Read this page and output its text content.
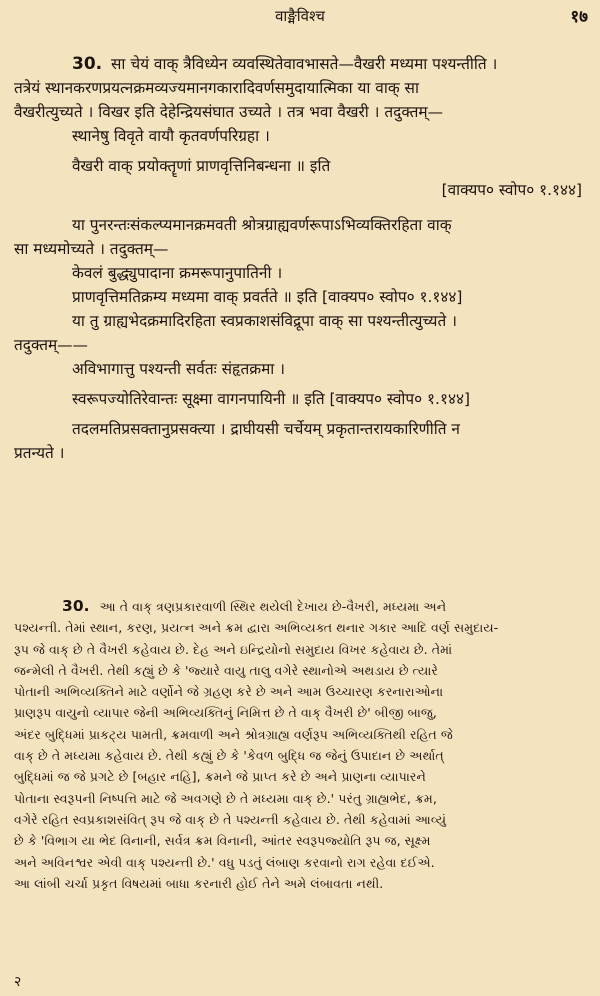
वाङ्मैविश्च	१७
30. सा चेयं वाक् त्रैविध्येन व्यवस्थितेवावभासते—वैखरी मध्यमा पश्यन्तीति ।
तत्रेयं स्थानकरणप्रयत्नक्रमव्यज्यमानगकारादिवर्णसमुदायात्मिका या वाक् सा
वैखरीत्युच्यते । विखर इति देहेन्द्रियसंघात उच्यते । तत्र भवा वैखरी । तदुक्तम्—
स्थानेषु विवृते वायौ कृतवर्णपरिग्रहा ।
वैखरी वाक् प्रयोक्तॄणां प्राणवृत्तिनिबन्धना ॥ इति
[वाक्यप० स्वोप० १.१४४]
या पुनरन्तःसंकल्प्यमानक्रमवती श्रोत्रग्राह्यवर्णरूपाऽभिव्यक्तिरहिता वाक्
सा मध्यमोच्यते । तदुक्तम्—
केवलं बुद्ध्युपादाना क्रमरूपानुपातिनी ।
प्राणवृत्तिमतिक्रम्य मध्यमा वाक् प्रवर्तते ॥ इति [वाक्यप० स्वोप० १.१४४]
या तु ग्राह्यभेदक्रमादिरहिता स्वप्रकाशसंविद्रूपा वाक् सा पश्यन्तीत्युच्यते ।
तदुक्तम्——
अविभागात्तु पश्यन्ती सर्वतः संहृतक्रमा ।
स्वरूपज्योतिरेवान्तः सूक्ष्मा वागनपायिनी ॥ इति [वाक्यप० स्वोप० १.१४४]
तदलमतिप्रसक्तानुप्रसक्त्या । द्राघीयसी चर्चेयम् प्रकृतान्तरायकारिणीति न
प्रतन्यते ।
30. આ તે વાક્ ત્રણપ્રકારવાળી સ્થિર થયેલી દેખાય છે-વૈખરી, મધ્યમા અને
પશ્યન્તી. તેમાં સ્થાન, કરણ, પ્રયત્ન અને ક્રમ દ્વારા અભિવ્યક્ત થનાર ગકાર આદિ વર્ણ સમુદાય-
રૂપ જે વાક્ છે તે વૈખરી કહેવાય છે. દેહ અને ઇન્દ્રિયોનો સમુદાય વિખર કહેવાય છે. તેમાં
જન્મેલી તે વૈખરી. તેથી કહ્યું છે કે 'જ્યારે વાયુ તાલુ વગેરે સ્થાનોએ અથડાય છે ત્યારે
પોતાની અભિવ્યક્તિને માટે વર્ણોને જે ગ્રહણ કરે છે અને આમ ઉચ્ચારણ કરનારાઓના
પ્રાણરૂપ વાયુનો વ્યાપાર જેની અભિવ્યક્તિનું નિમિત્ત છે તે વાક્ વૈખરી છે' બીજી બાજુ,
અંદર બુદ્ધિમાં પ્રાકટ્ય પામતી, ક્રમવાળી અને શ્રોત્રગ્રાહ્ય વર્ણરૂપ અભિવ્યક્તિથી રહિત જે
વાક્ છે તે મધ્યમા કહેવાય છે. તેથી કહ્યું છે કે 'કેવળ બુદ્ધિ જ જેનું ઉપાદાન છે અર્થાત્
બુદ્ધિમાં જ જે પ્રગટે છે [બહાર નહિ], ક્રમને જે પ્રાપ્ત કરે છે અને પ્રાણના વ્યાપારને
પોતાના સ્વરૂપની નિષ્પત્તિ માટે જે અવગણે છે તે મધ્યમા વાક્ છે.' પરંતુ ગ્રાહ્યભેદ, ક્રમ,
વગેરે રહિત સ્વપ્રકાશસંવિત્ રૂપ જે વાક્ છે તે પશ્યન્તી કહેવાય છે. તેથી કહેવામાં આવ્યું
છે કે 'વિભાગ યા ભેદ વિનાની, સર્વત્ર ક્રમ વિનાની, આંતર સ્વરૂપજ્યોતિ રૂપ જ, સૂક્ષ્મ
અને અવિનશ્વર એવી વાક્ પશ્યન્તી છે.' વધુ પડતું લંબાણ કરવાનો રાગ રહેવા દઈએ.
આ લાંબી ચર્ચા પ્રકૃત વિષયમાં બાધા કરનારી હોઈ તેને અમે લંબાવતા નથી.
२
